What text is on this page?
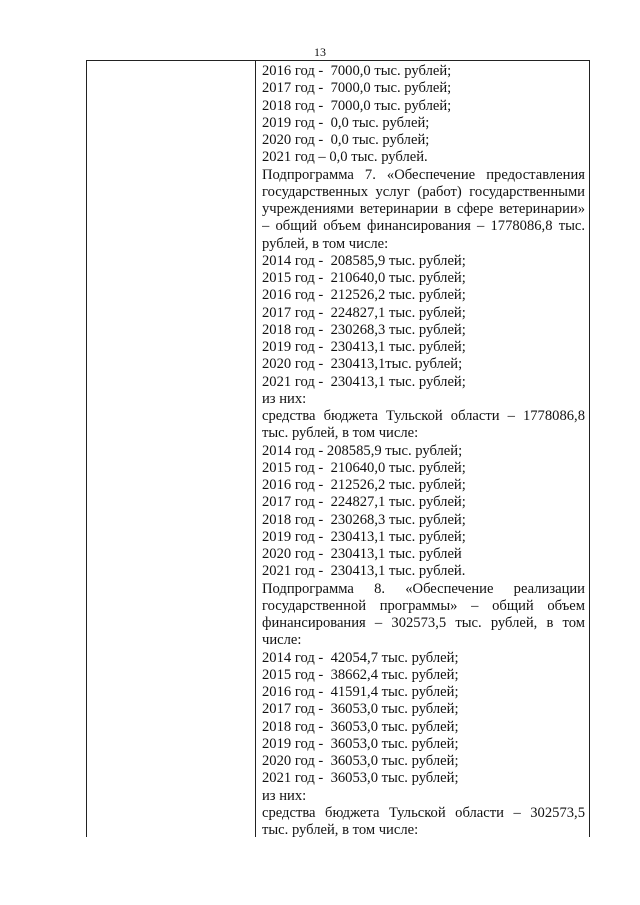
13
2016 год -  7000,0 тыс. рублей;
2017 год -  7000,0 тыс. рублей;
2018 год -  7000,0 тыс. рублей;
2019 год -  0,0 тыс. рублей;
2020 год -  0,0 тыс. рублей;
2021 год – 0,0 тыс. рублей.
Подпрограмма 7. «Обеспечение предоставления
государственных услуг (работ) государственными
учреждениями ветеринарии в сфере ветеринарии»
– общий объем финансирования – 1778086,8 тыс.
рублей, в том числе:
2014 год -  208585,9 тыс. рублей;
2015 год -  210640,0 тыс. рублей;
2016 год -  212526,2 тыс. рублей;
2017 год -  224827,1 тыс. рублей;
2018 год -  230268,3 тыс. рублей;
2019 год -  230413,1 тыс. рублей;
2020 год -  230413,1тыс. рублей;
2021 год -  230413,1 тыс. рублей;
из них:
средства бюджета Тульской области – 1778086,8
тыс. рублей, в том числе:
2014 год - 208585,9 тыс. рублей;
2015 год -  210640,0 тыс. рублей;
2016 год -  212526,2 тыс. рублей;
2017 год -  224827,1 тыс. рублей;
2018 год -  230268,3 тыс. рублей;
2019 год -  230413,1 тыс. рублей;
2020 год -  230413,1 тыс. рублей
2021 год -  230413,1 тыс. рублей.
Подпрограмма 8. «Обеспечение реализации
государственной программы» – общий объем
финансирования – 302573,5 тыс. рублей, в том
числе:
2014 год -  42054,7 тыс. рублей;
2015 год -  38662,4 тыс. рублей;
2016 год -  41591,4 тыс. рублей;
2017 год -  36053,0 тыс. рублей;
2018 год -  36053,0 тыс. рублей;
2019 год -  36053,0 тыс. рублей;
2020 год -  36053,0 тыс. рублей;
2021 год -  36053,0 тыс. рублей;
из них:
средства бюджета Тульской области – 302573,5
тыс. рублей, в том числе:
